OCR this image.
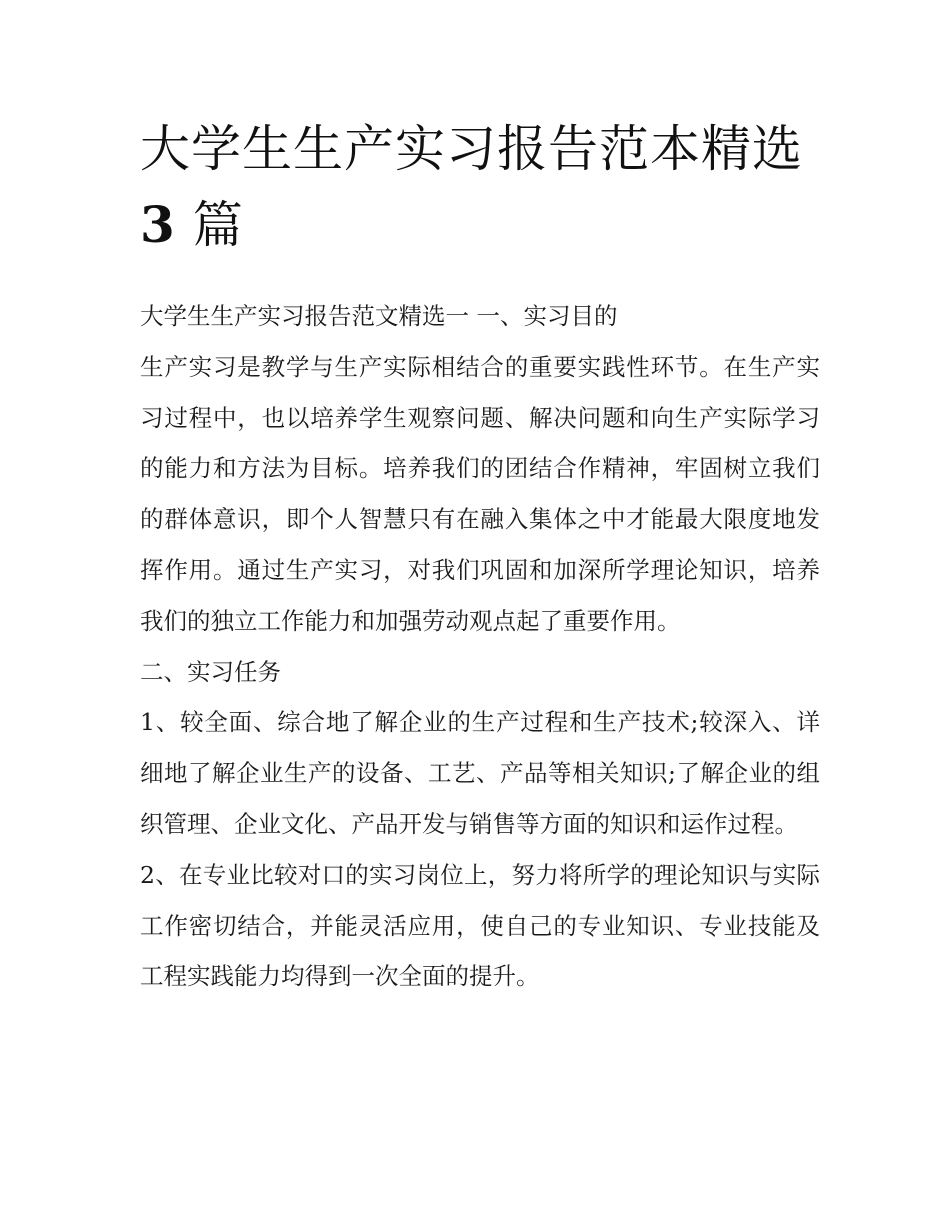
大学生生产实习报告范本精选
3 篇

大学生生产实习报告范文精选一 一、实习目的

生产实习是教学与生产实际相结合的重要实践性环节。在生产实习过程中，也以培养学生观察问题、解决问题和向生产实际学习的能力和方法为目标。培养我们的团结合作精神，牢固树立我们的群体意识，即个人智慧只有在融入集体之中才能最大限度地发挥作用。通过生产实习，对我们巩固和加深所学理论知识，培养我们的独立工作能力和加强劳动观点起了重要作用。

二、实习任务

1、较全面、综合地了解企业的生产过程和生产技术;较深入、详细地了解企业生产的设备、工艺、产品等相关知识;了解企业的组织管理、企业文化、产品开发与销售等方面的知识和运作过程。

2、在专业比较对口的实习岗位上，努力将所学的理论知识与实际工作密切结合，并能灵活应用，使自己的专业知识、专业技能及工程实践能力均得到一次全面的提升。
